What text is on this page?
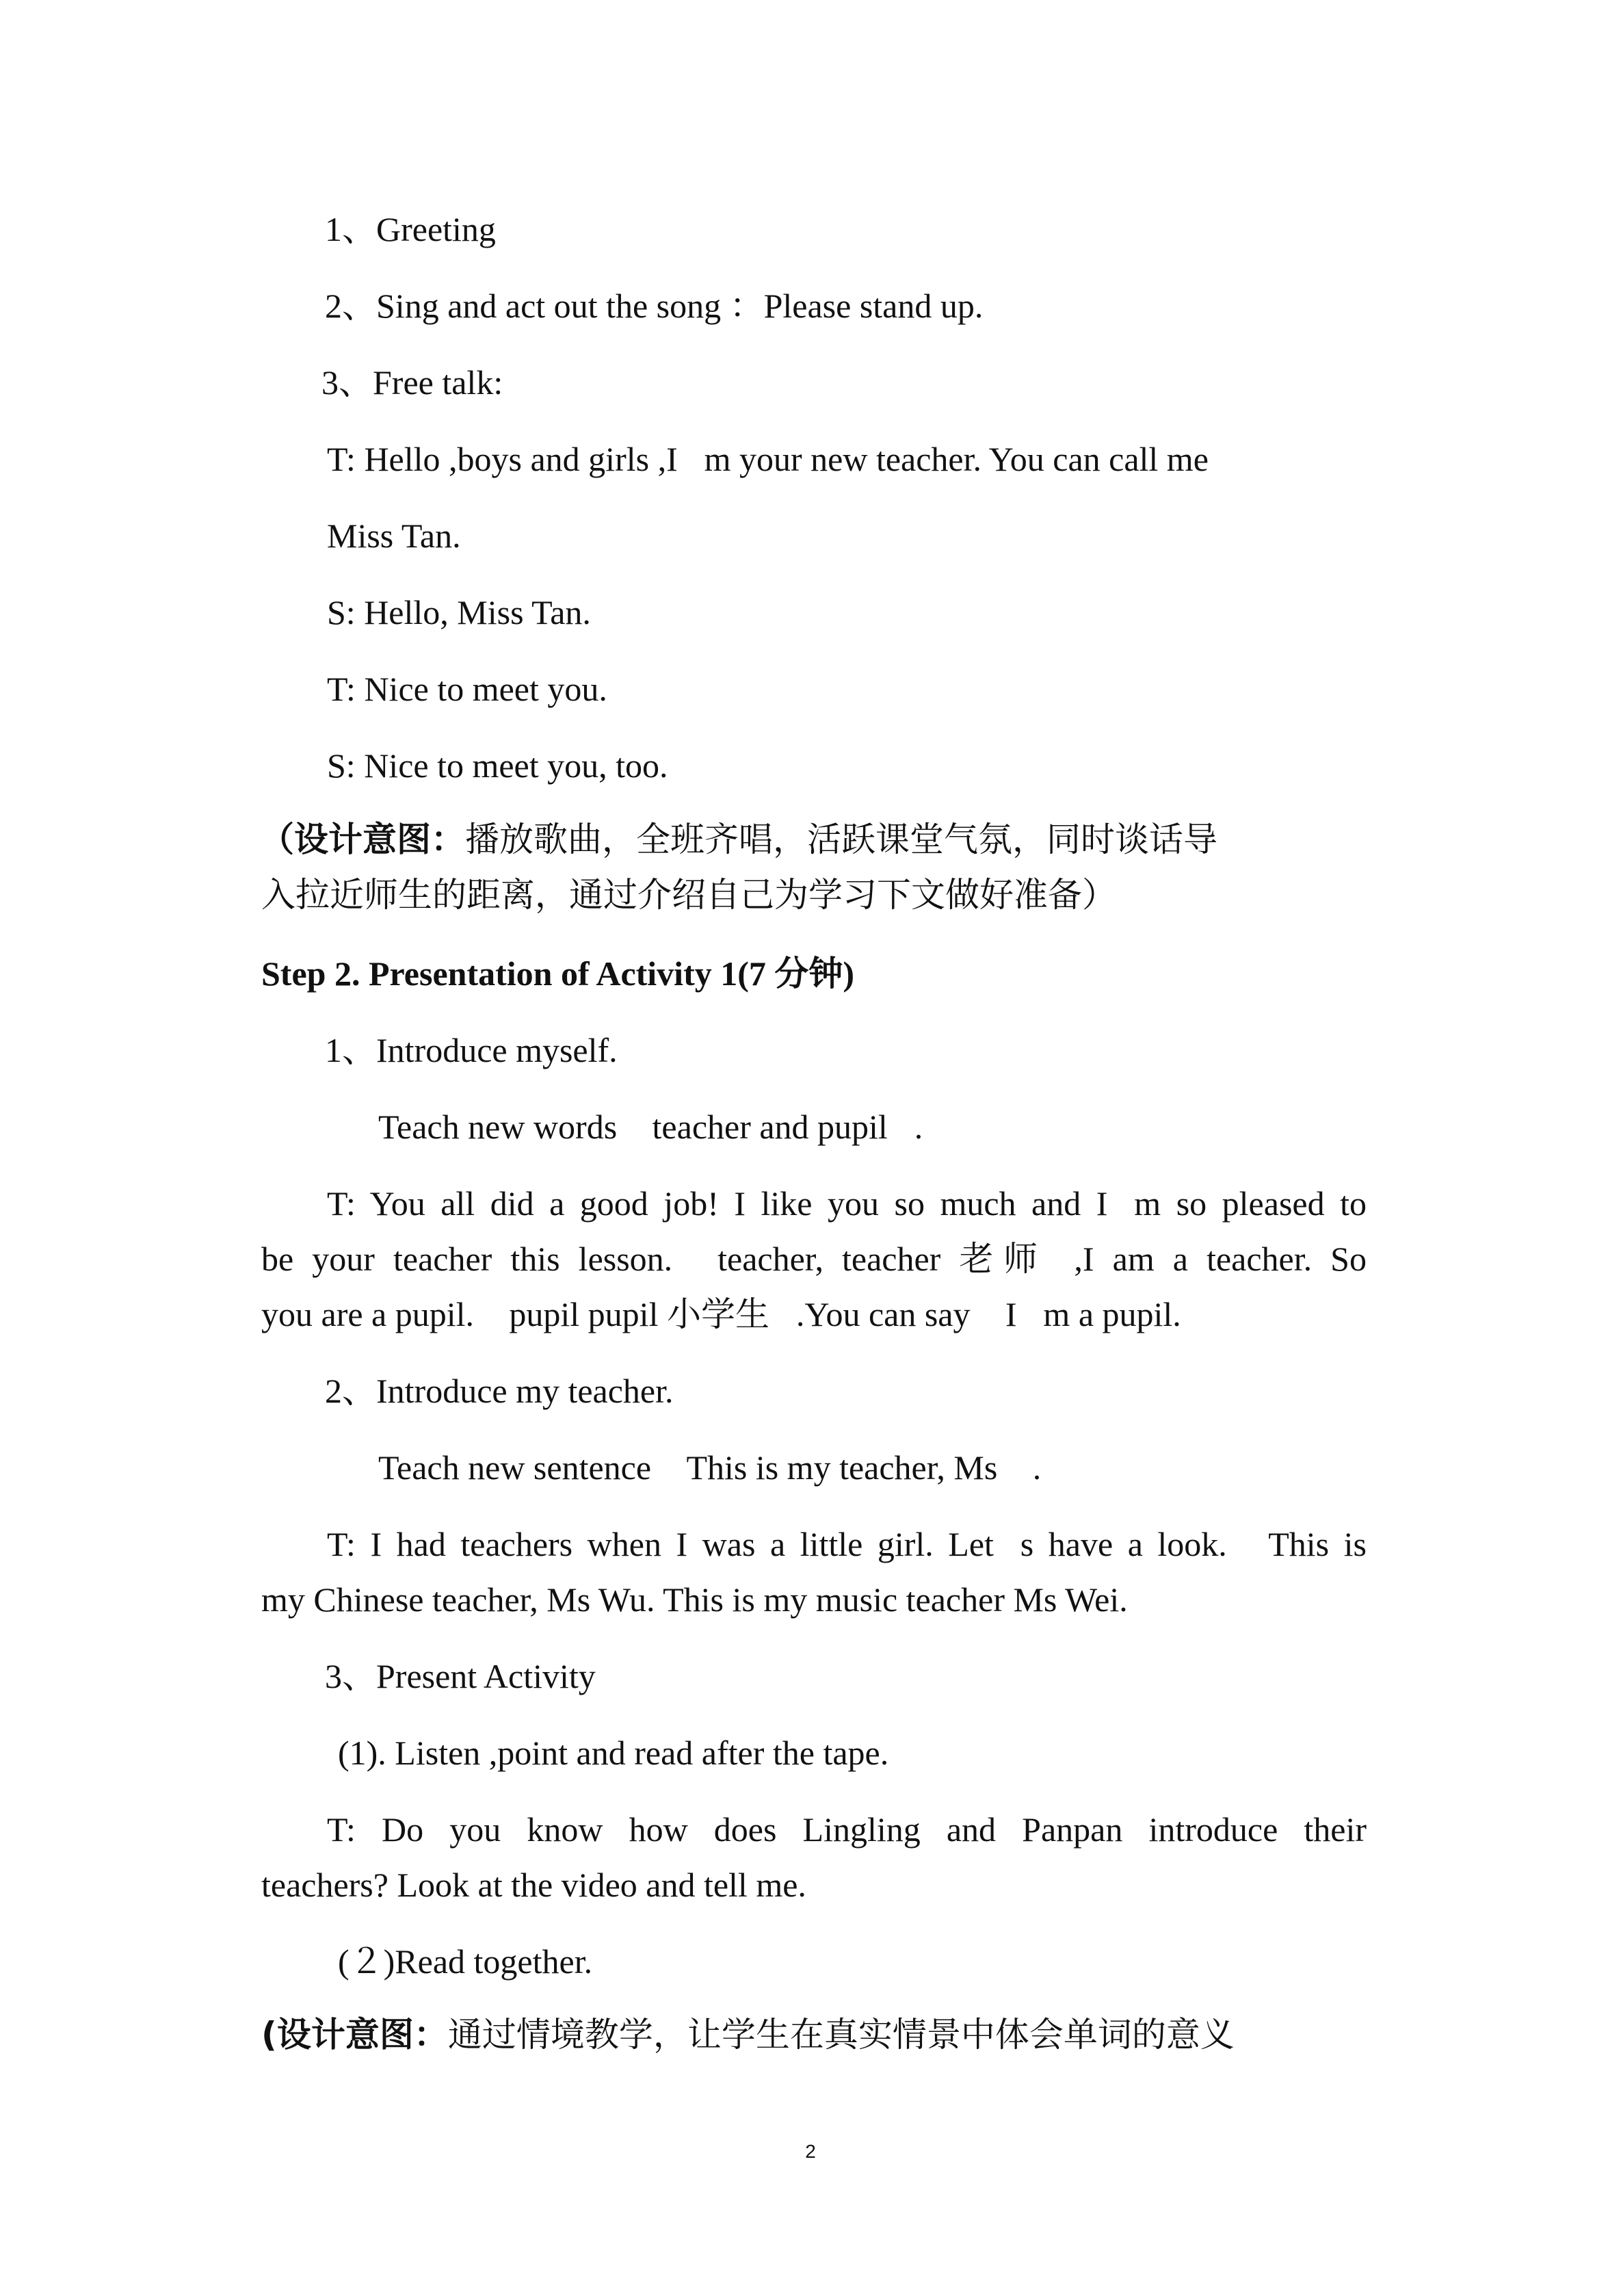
1、Greeting
2、Sing and act out the song ：Please stand up.
3、Free talk:
T: Hello ,boys and girls ,I m your new teacher. You can call me
Miss Tan.
S: Hello, Miss Tan.
T: Nice to meet you.
S: Nice to meet you, too.
（设计意图：播放歌曲，全班齐唱，活跃课堂气氛，同时谈话导
入拉近师生的距离，通过介绍自己为学习下文做好准备）
Step 2. Presentation of Activity 1(7 分钟)
1、Introduce myself.
Teach new words  teacher and pupil .
T: You all did a good job! I like you so much and I m so pleased to
be your teacher this lesson.  teacher, teacher 老师 ,I am a teacher. So
you are a pupil.  pupil pupil 小学生 .You can say  I m a pupil. 
2、Introduce my teacher.
Teach new sentence  This is my teacher, Ms  . 
T: I had teachers when I was a little girl. Let s have a look.  This is
my Chinese teacher, Ms Wu. This is my music teacher Ms Wei. 
3、Present Activity
(1). Listen ,point and read after the tape.
T: Do you know how does Lingling and Panpan introduce their
teachers? Look at the video and tell me.
(２)Read together.
(设计意图：通过情境教学，让学生在真实情景中体会单词的意义
2
